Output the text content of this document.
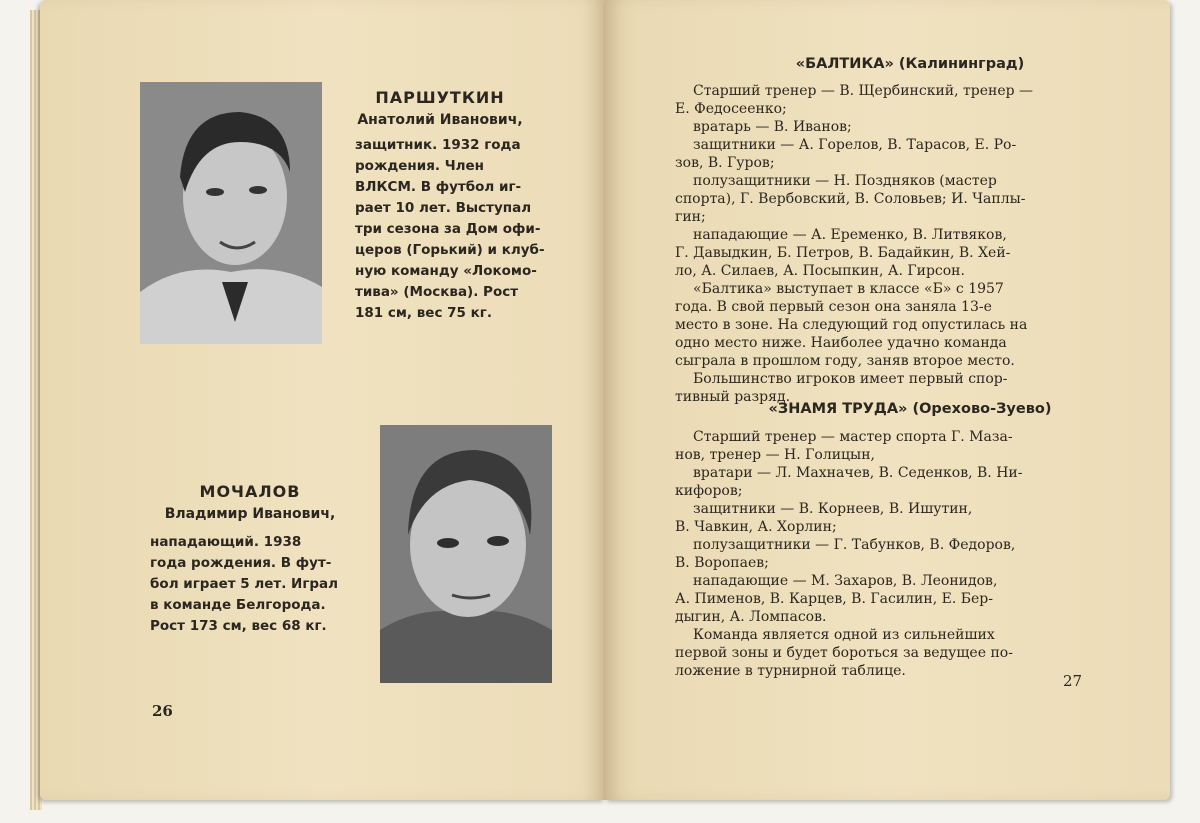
ПАРШУТКИН
Анатолий Иванович,
защитник. 1932 года
рождения. Член
ВЛКСМ. В футбол иг-
рает 10 лет. Выступал
три сезона за Дом офи-
церов (Горький) и клуб-
ную команду «Локомо-
тива» (Москва). Рост
181 см, вес 75 кг.
МОЧАЛОВ
Владимир Иванович,
нападающий. 1938
года рождения. В фут-
бол играет 5 лет. Играл
в команде Белгорода.
Рост 173 см, вес 68 кг.
26
«БАЛТИКА» (Калининград)
Старший тренер — В. Щербинский, тренер —
Е. Федосеенко;
вратарь — В. Иванов;
защитники — А. Горелов, В. Тарасов, Е. Ро-
зов, В. Гуров;
полузащитники — Н. Поздняков (мастер
спорта), Г. Вербовский, В. Соловьев; И. Чаплы-
гин;
нападающие — А. Еременко, В. Литвяков,
Г. Давыдкин, Б. Петров, В. Бадайкин, В. Хей-
ло, А. Силаев, А. Посыпкин, А. Гирсон.
«Балтика» выступает в классе «Б» с 1957
года. В свой первый сезон она заняла 13-е
место в зоне. На следующий год опустилась на
одно место ниже. Наиболее удачно команда
сыграла в прошлом году, заняв второе место.
Большинство игроков имеет первый спор-
тивный разряд.
«ЗНАМЯ ТРУДА» (Орехово-Зуево)
Старший тренер — мастер спорта Г. Маза-
нов, тренер — Н. Голицын,
вратари — Л. Махначев, В. Седенков, В. Ни-
кифоров;
защитники — В. Корнеев, В. Ишутин,
В. Чавкин, А. Хорлин;
полузащитники — Г. Табунков, В. Федоров,
В. Воропаев;
нападающие — М. Захаров, В. Леонидов,
А. Пименов, В. Карцев, В. Гасилин, Е. Бер-
дыгин, А. Ломпасов.
Команда является одной из сильнейших
первой зоны и будет бороться за ведущее по-
ложение в турнирной таблице.
27
